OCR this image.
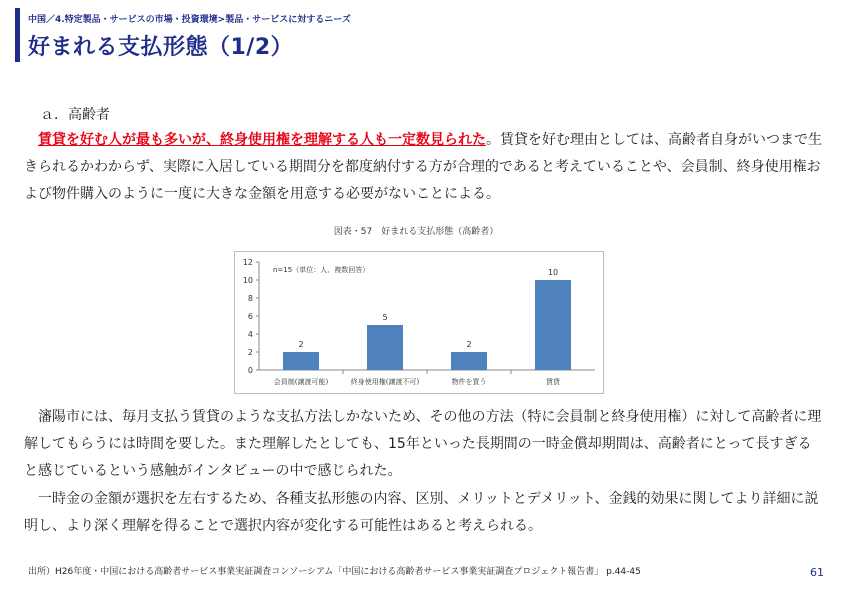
中国／4.特定製品・サービスの市場・投資環境>製品・サービスに対するニーズ
好まれる支払形態（1/2）
ａ．高齢者

賃貸を好む人が最も多いが、終身使用権を理解する人も一定数見られた。賃貸を好む理由としては、高齢者自身がいつまで生きられるかわからず、実際に入居している期間分を都度納付する方が合理的であると考えていることや、会員制、終身使用権および物件購入のように一度に大きな金額を用意する必要がないことによる。

図表・57　好まれる支払形態（高齢者）
0
2
4
6
8
10
12
n=15（単位：人、複数回答）
2
会員制(譲渡可能)
5
終身使用権(譲渡不可)
2
物件を買う
10
賃貸

瀋陽市には、毎月支払う賃貸のような支払方法しかないため、その他の方法（特に会員制と終身使用権）に対して高齢者に理解してもらうには時間を要した。また理解したとしても、15年といった長期間の一時金償却期間は、高齢者にとって長すぎると感じているという感触がインタビューの中で感じられた。

一時金の金額が選択を左右するため、各種支払形態の内容、区別、メリットとデメリット、金銭的効果に関してより詳細に説明し、より深く理解を得ることで選択内容が変化する可能性はあると考えられる。

出所）H26年度・中国における高齢者サービス事業実証調査コンソーシアム「中国における高齢者サービス事業実証調査プロジェクト報告書」 p.44-45	61
